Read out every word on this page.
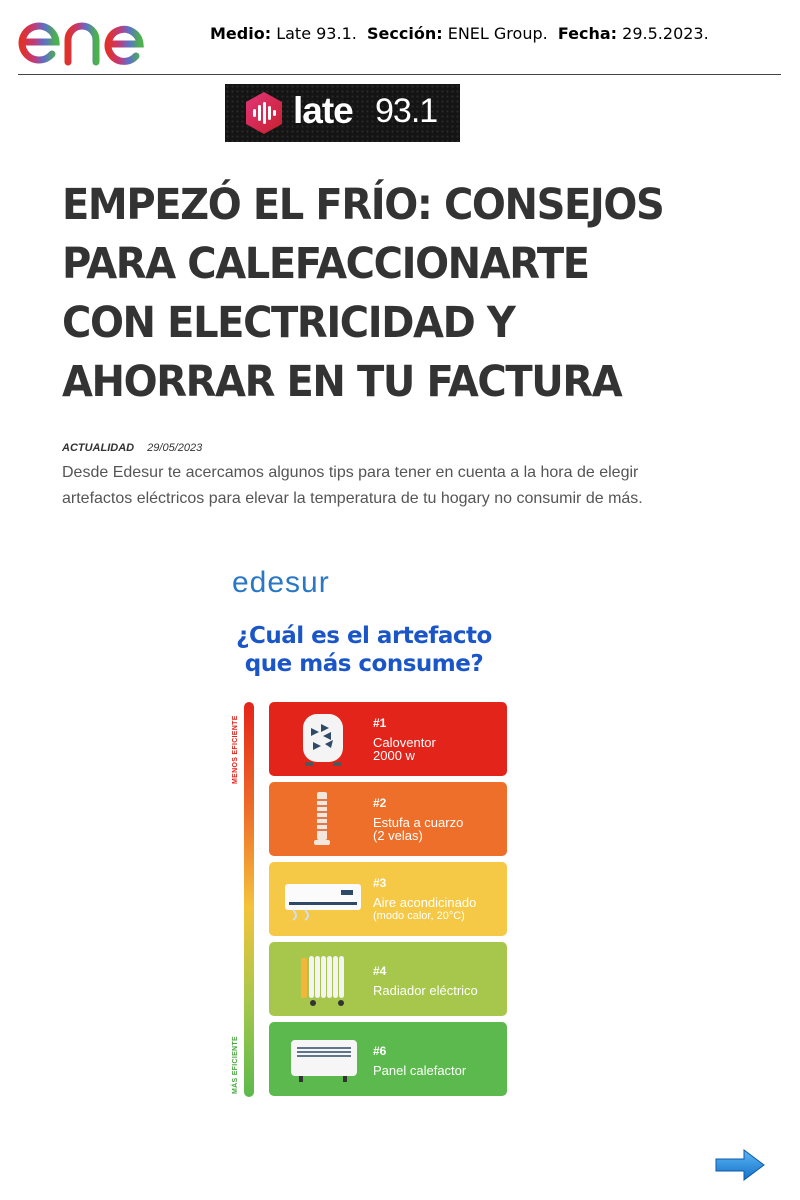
Medio: Late 93.1. Sección: ENEL Group. Fecha: 29.5.2023.
late 93.1
EMPEZÓ EL FRÍO: CONSEJOS
PARA CALEFACCIONARTE
CON ELECTRICIDAD Y
AHORRAR EN TU FACTURA
ACTUALIDAD 29/05/2023

Desde Edesur te acercamos algunos tips para tener en cuenta a la hora de elegir artefactos eléctricos para elevar la temperatura de tu hogary no consumir de más.

edesur
¿Cuál es el artefacto
que más consume?
MENOS EFICIENTE
MÁS EFICIENTE
#1
Caloventor
2000 w
#2
Estufa a cuarzo
(2 velas)
#3
Aire acondicinado
(modo calor, 20°C)
#4
Radiador eléctrico
#6
Panel calefactor
